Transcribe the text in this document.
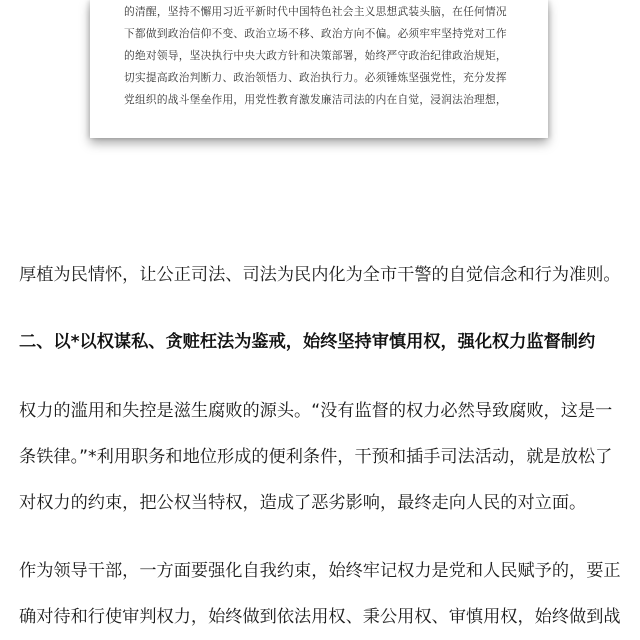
的清醒，坚持不懈用习近平新时代中国特色社会主义思想武装头脑，在任何情况
下都做到政治信仰不变、政治立场不移、政治方向不偏。必须牢牢坚持党对工作
的绝对领导，坚决执行中央大政方针和决策部署，始终严守政治纪律政治规矩，
切实提高政治判断力、政治领悟力、政治执行力。必须锤炼坚强党性，充分发挥
党组织的战斗堡垒作用，用党性教育激发廉洁司法的内在自觉，浸润法治理想，
厚植为民情怀，让公正司法、司法为民内化为全市干警的自觉信念和行为准则。
二、以*以权谋私、贪赃枉法为鉴戒，始终坚持审慎用权，强化权力监督制约
权力的滥用和失控是滋生腐败的源头。“没有监督的权力必然导致腐败，这是一
条铁律。”*利用职务和地位形成的便利条件，干预和插手司法活动，就是放松了
对权力的约束，把公权当特权，造成了恶劣影响，最终走向人民的对立面。
作为领导干部，一方面要强化自我约束，始终牢记权力是党和人民赋予的，要正
确对待和行使审判权力，始终做到依法用权、秉公用权、审慎用权，始终做到战
